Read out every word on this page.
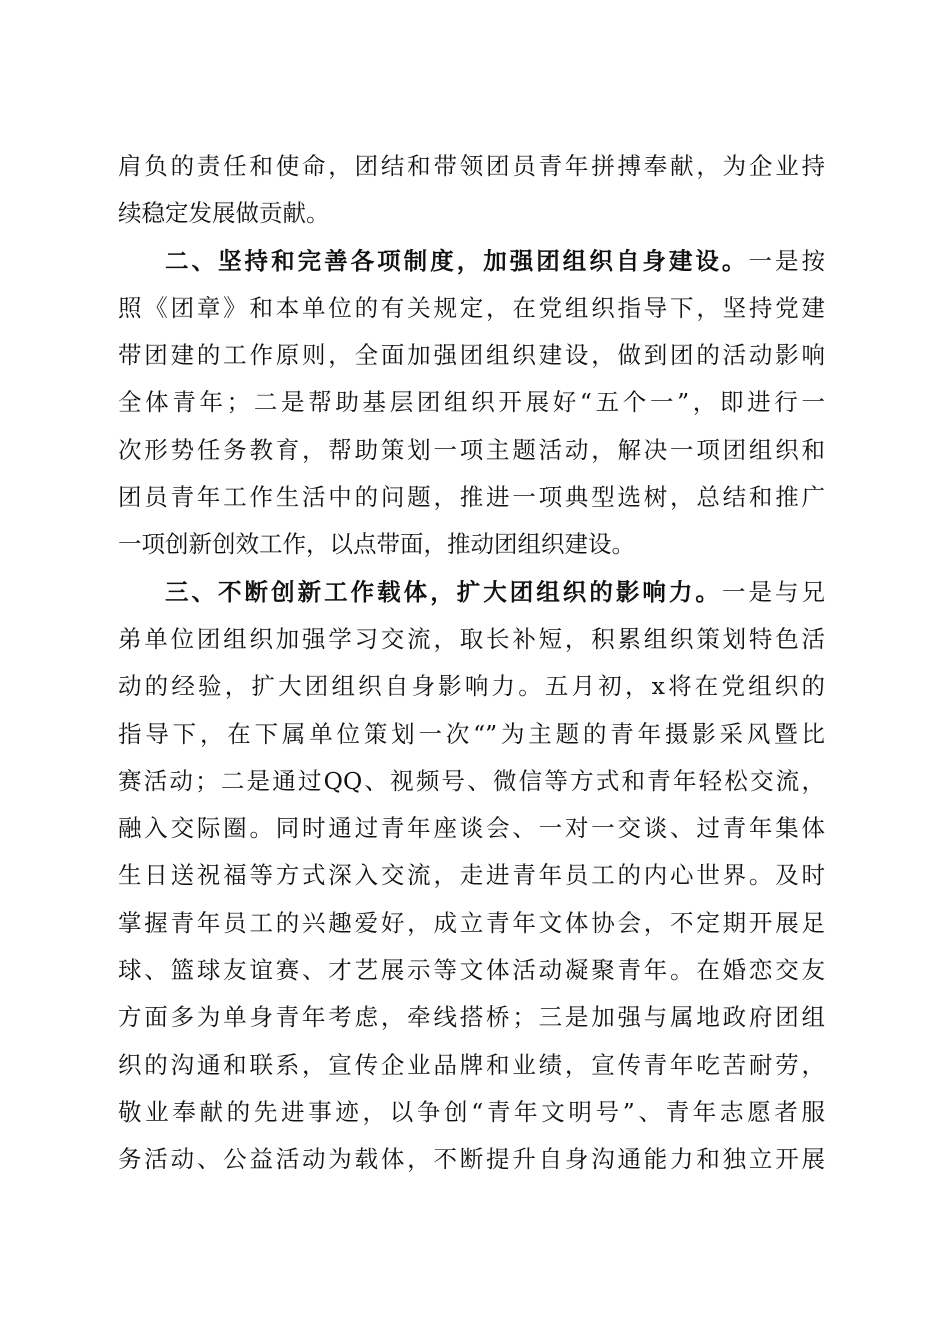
肩负的责任和使命，团结和带领团员青年拼搏奉献，为企业持
续稳定发展做贡献。
二、坚持和完善各项制度，加强团组织自身建设。一是按
照《团章》和本单位的有关规定，在党组织指导下，坚持党建
带团建的工作原则，全面加强团组织建设，做到团的活动影响
全体青年；二是帮助基层团组织开展好“五个一”，即进行一
次形势任务教育，帮助策划一项主题活动，解决一项团组织和
团员青年工作生活中的问题，推进一项典型选树，总结和推广
一项创新创效工作，以点带面，推动团组织建设。
三、不断创新工作载体，扩大团组织的影响力。一是与兄
弟单位团组织加强学习交流，取长补短，积累组织策划特色活
动的经验，扩大团组织自身影响力。五月初，x将在党组织的
指导下，在下属单位策划一次“”为主题的青年摄影采风暨比
赛活动；二是通过QQ、视频号、微信等方式和青年轻松交流，
融入交际圈。同时通过青年座谈会、一对一交谈、过青年集体
生日送祝福等方式深入交流，走进青年员工的内心世界。及时
掌握青年员工的兴趣爱好，成立青年文体协会，不定期开展足
球、篮球友谊赛、才艺展示等文体活动凝聚青年。在婚恋交友
方面多为单身青年考虑，牵线搭桥；三是加强与属地政府团组
织的沟通和联系，宣传企业品牌和业绩，宣传青年吃苦耐劳，
敬业奉献的先进事迹，以争创“青年文明号”、青年志愿者服
务活动、公益活动为载体，不断提升自身沟通能力和独立开展
